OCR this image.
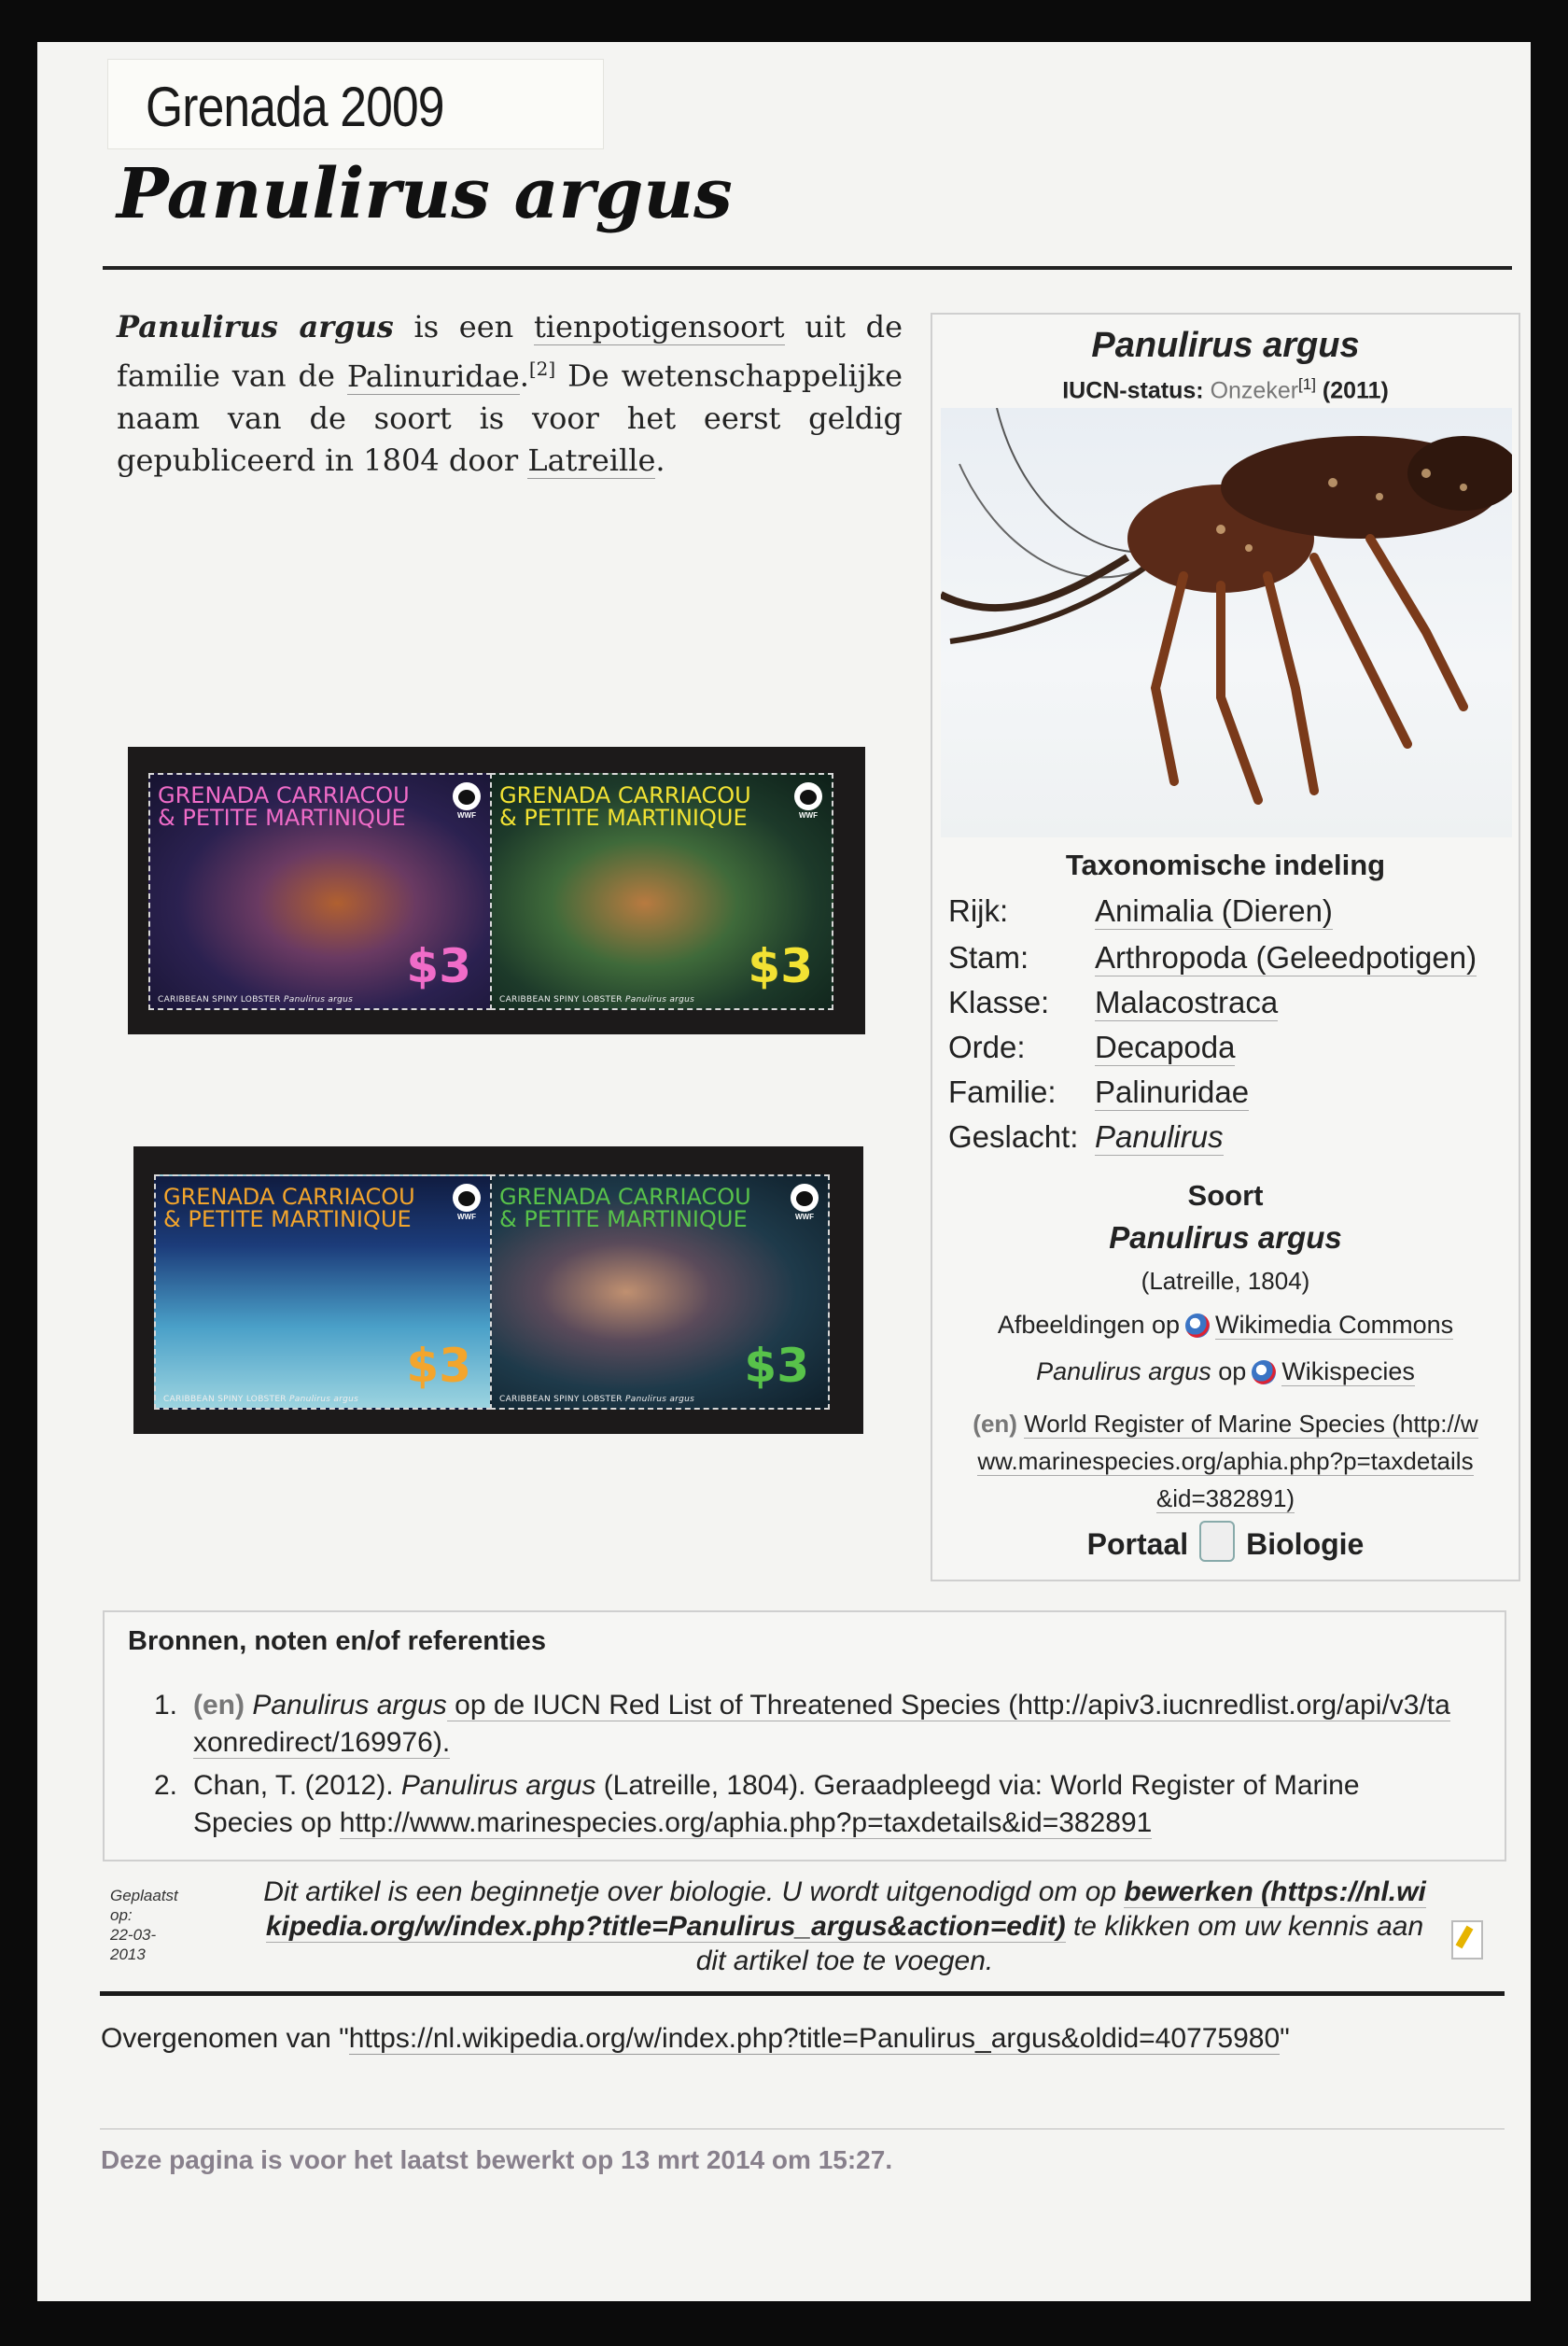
Grenada 2009
Panulirus argus
Panulirus argus is een tienpotigensoort uit de familie van de Palinuridae.[2] De wetenschappelijke naam van de soort is voor het eerst geldig gepubliceerd in 1804 door Latreille.
GRENADA CARRIACOU
& PETITE MARTINIQUE	WWF
$3
CARIBBEAN SPINY LOBSTER Panulirus argus
GRENADA CARRIACOU
& PETITE MARTINIQUE	WWF
$3
CARIBBEAN SPINY LOBSTER Panulirus argus
GRENADA CARRIACOU
& PETITE MARTINIQUE	WWF
$3
CARIBBEAN SPINY LOBSTER Panulirus argus
GRENADA CARRIACOU
& PETITE MARTINIQUE	WWF
$3
CARIBBEAN SPINY LOBSTER Panulirus argus
Panulirus argus
IUCN-status: Onzeker[1] (2011)
Taxonomische indeling
Rijk:	Animalia (Dieren)
Stam: Arthropoda (Geleedpotigen)
Klasse: Malacostraca
Orde: Decapoda
Familie: Palinuridae
Geslacht: Panulirus
Soort
Panulirus argus
(Latreille, 1804)
Afbeeldingen op Wikimedia Commons
Panulirus argus op Wikispecies
(en) World Register of Marine Species (http://w
ww.marinespecies.org/aphia.php?p=taxdetails
&id=382891)
Portaal Biologie
Bronnen, noten en/of referenties
1. (en) Panulirus argus op de IUCN Red List of Threatened Species (http://apiv3.iucnredlist.org/api/v3/ta
xonredirect/169976).
2. Chan, T. (2012). Panulirus argus (Latreille, 1804). Geraadpleegd via: World Register of Marine
Species op http://www.marinespecies.org/aphia.php?p=taxdetails&id=382891
Geplaatst
op:
22-03-
2013
Dit artikel is een beginnetje over biologie. U wordt uitgenodigd om op bewerken (https://nl.wi
kipedia.org/w/index.php?title=Panulirus_argus&action=edit) te klikken om uw kennis aan
dit artikel toe te voegen.
Overgenomen van "https://nl.wikipedia.org/w/index.php?title=Panulirus_argus&oldid=40775980"
Deze pagina is voor het laatst bewerkt op 13 mrt 2014 om 15:27.
